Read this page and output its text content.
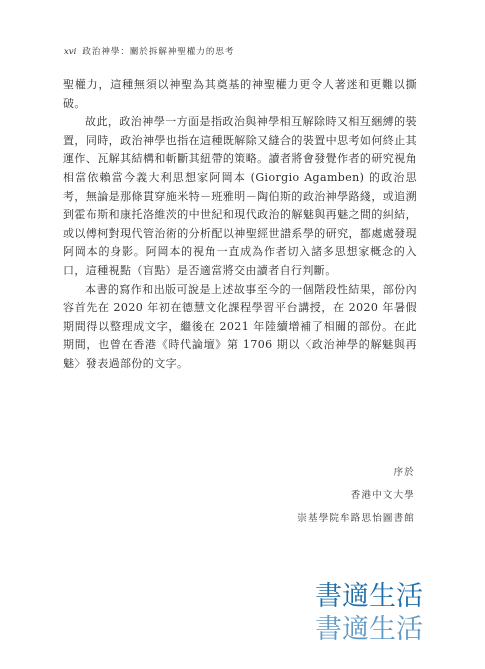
xvi 政治神學：關於拆解神聖權力的思考

聖權力，這種無須以神聖為其奠基的神聖權力更令人著迷和更難以撕破。

故此，政治神學一方面是指政治與神學相互解除時又相互綑縛的裝置，同時，政治神學也指在這種既解除又縫合的裝置中思考如何終止其運作、瓦解其結構和斬斷其紐帶的策略。讀者將會發覺作者的研究視角相當依賴當今義大利思想家阿岡本 (Giorgio Agamben) 的政治思考，無論是那條貫穿施米特－班雅明－陶伯斯的政治神學路綫，或追溯到霍布斯和康托洛維茨的中世紀和現代政治的解魅與再魅之間的糾結，或以傅柯對現代管治術的分析配以神聖經世譜系學的研究，都處處發現阿岡本的身影。阿岡本的視角一直成為作者切入諸多思想家概念的入口，這種視點（盲點）是否適當將交由讀者自行判斷。

本書的寫作和出版可說是上述故事至今的一個階段性結果，部份內容首先在 2020 年初在德慧文化課程學習平台講授，在 2020 年暑假期間得以整理成文字，繼後在 2021 年陸續增補了相關的部份。在此期間，也曾在香港《時代論壇》第 1706 期以〈政治神學的解魅與再魅〉發表過部份的文字。

序於
香港中文大學
崇基學院牟路思怡圖書館
書適生活
書適生活
